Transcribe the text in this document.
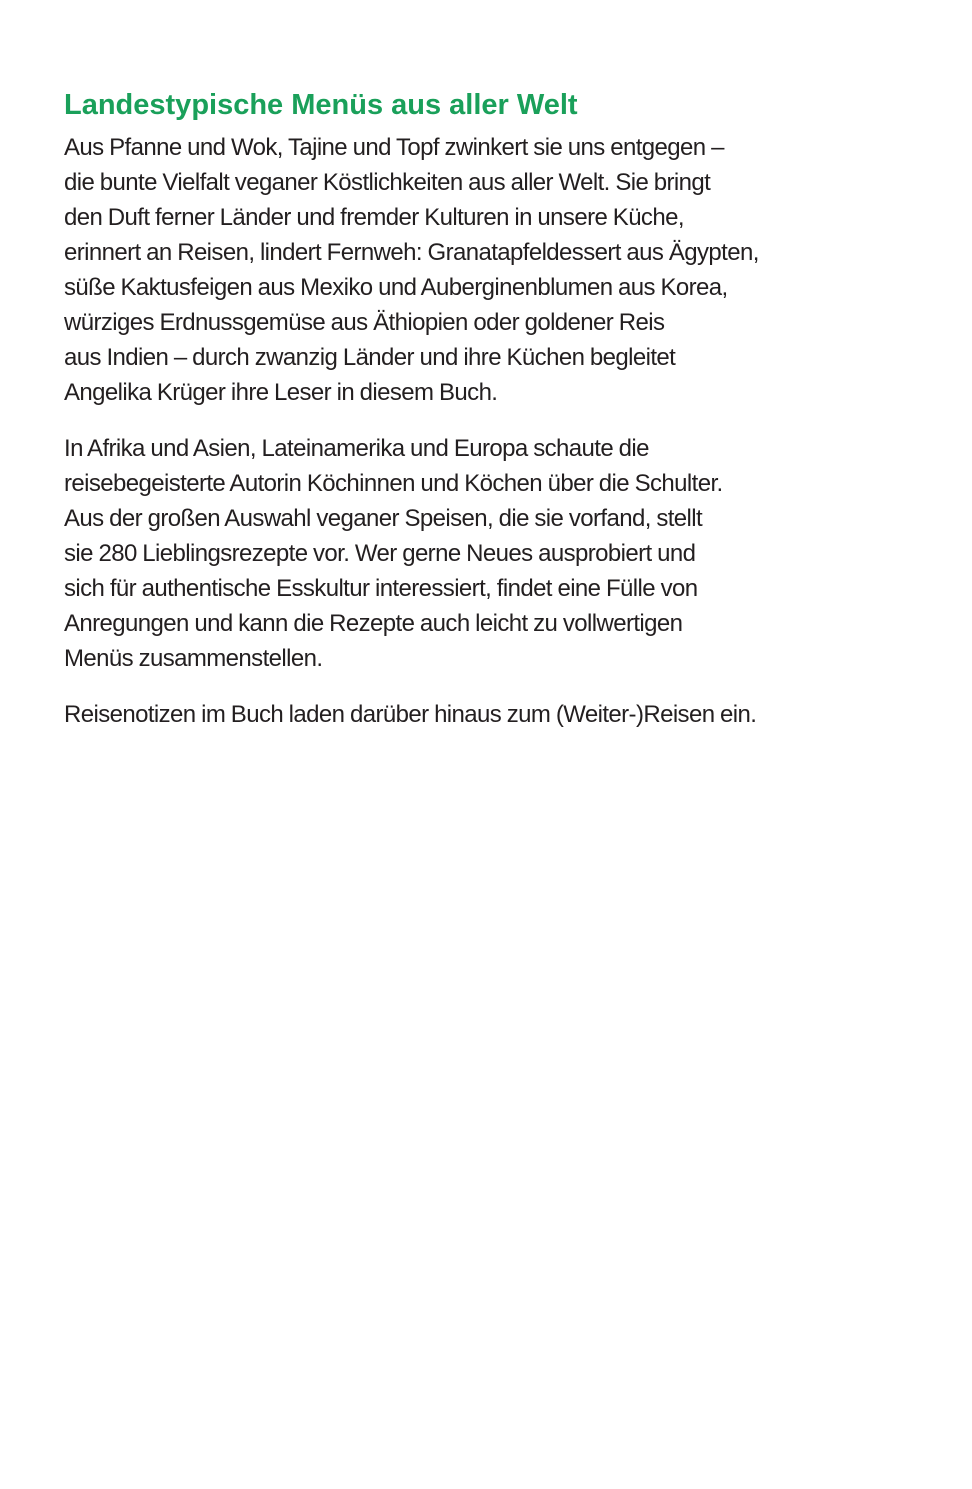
Landestypische Menüs aus aller Welt

Aus Pfanne und Wok, Tajine und Topf zwinkert sie uns entgegen –
die bunte Vielfalt veganer Köstlichkeiten aus aller Welt. Sie bringt
den Duft ferner Länder und fremder Kulturen in unsere Küche,
erinnert an Reisen, lindert Fernweh: Granatapfeldessert aus Ägypten,
süße Kaktusfeigen aus Mexiko und Auberginenblumen aus Korea,
würziges Erdnussgemüse aus Äthiopien oder goldener Reis
aus Indien – durch zwanzig Länder und ihre Küchen begleitet
Angelika Krüger ihre Leser in diesem Buch.

In Afrika und Asien, Lateinamerika und Europa schaute die
reisebegeisterte Autorin Köchinnen und Köchen über die Schulter.
Aus der großen Auswahl veganer Speisen, die sie vorfand, stellt
sie 280 Lieblingsrezepte vor. Wer gerne Neues ausprobiert und
sich für authentische Esskultur interessiert, findet eine Fülle von
Anregungen und kann die Rezepte auch leicht zu vollwertigen
Menüs zusammenstellen.

Reisenotizen im Buch laden darüber hinaus zum (Weiter-)Reisen ein.
